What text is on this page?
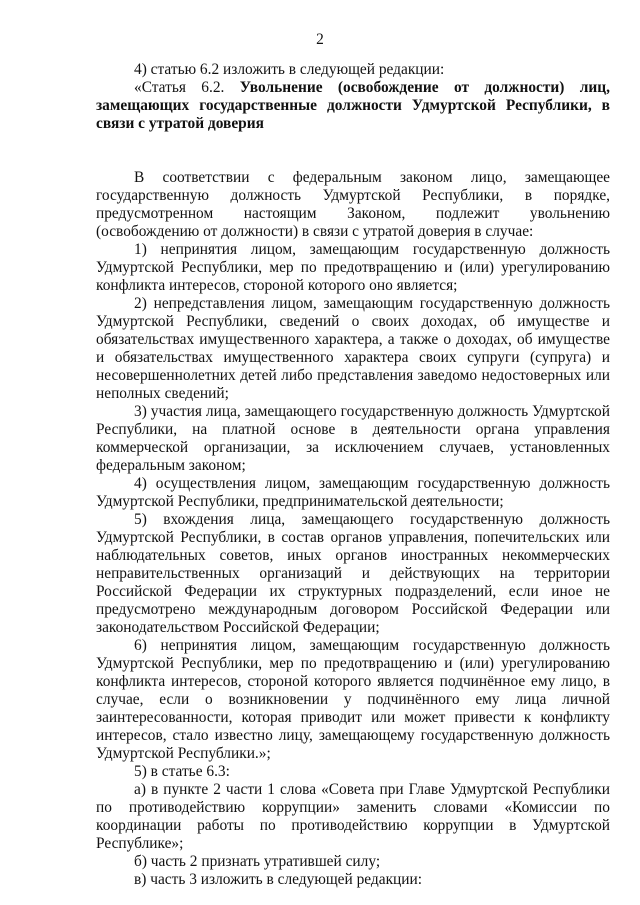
2

4) статью 6.2 изложить в следующей редакции:

«Статья 6.2. Увольнение (освобождение от должности) лиц, замещающих государственные должности Удмуртской Республики, в связи с утратой доверия

В соответствии с федеральным законом лицо, замещающее государственную должность Удмуртской Республики, в порядке, предусмотренном настоящим Законом, подлежит увольнению (освобождению от должности) в связи с утратой доверия в случае:

1) непринятия лицом, замещающим государственную должность Удмуртской Республики, мер по предотвращению и (или) урегулированию конфликта интересов, стороной которого оно является;

2) непредставления лицом, замещающим государственную должность Удмуртской Республики, сведений о своих доходах, об имуществе и обязательствах имущественного характера, а также о доходах, об имуществе и обязательствах имущественного характера своих супруги (супруга) и несовершеннолетних детей либо представления заведомо недостоверных или неполных сведений;

3) участия лица, замещающего государственную должность Удмуртской Республики, на платной основе в деятельности органа управления коммерческой организации, за исключением случаев, установленных федеральным законом;

4) осуществления лицом, замещающим государственную должность Удмуртской Республики, предпринимательской деятельности;

5) вхождения лица, замещающего государственную должность Удмуртской Республики, в состав органов управления, попечительских или наблюдательных советов, иных органов иностранных некоммерческих неправительственных организаций и действующих на территории Российской Федерации их структурных подразделений, если иное не предусмотрено международным договором Российской Федерации или законодательством Российской Федерации;

6) непринятия лицом, замещающим государственную должность Удмуртской Республики, мер по предотвращению и (или) урегулированию конфликта интересов, стороной которого является подчинённое ему лицо, в случае, если о возникновении у подчинённого ему лица личной заинтересованности, которая приводит или может привести к конфликту интересов, стало известно лицу, замещающему государственную должность Удмуртской Республики.»;

5) в статье 6.3:

а) в пункте 2 части 1 слова «Совета при Главе Удмуртской Республики по противодействию коррупции» заменить словами «Комиссии по координации работы по противодействию коррупции в Удмуртской Республике»;

б) часть 2 признать утратившей силу;

в) часть 3 изложить в следующей редакции:
